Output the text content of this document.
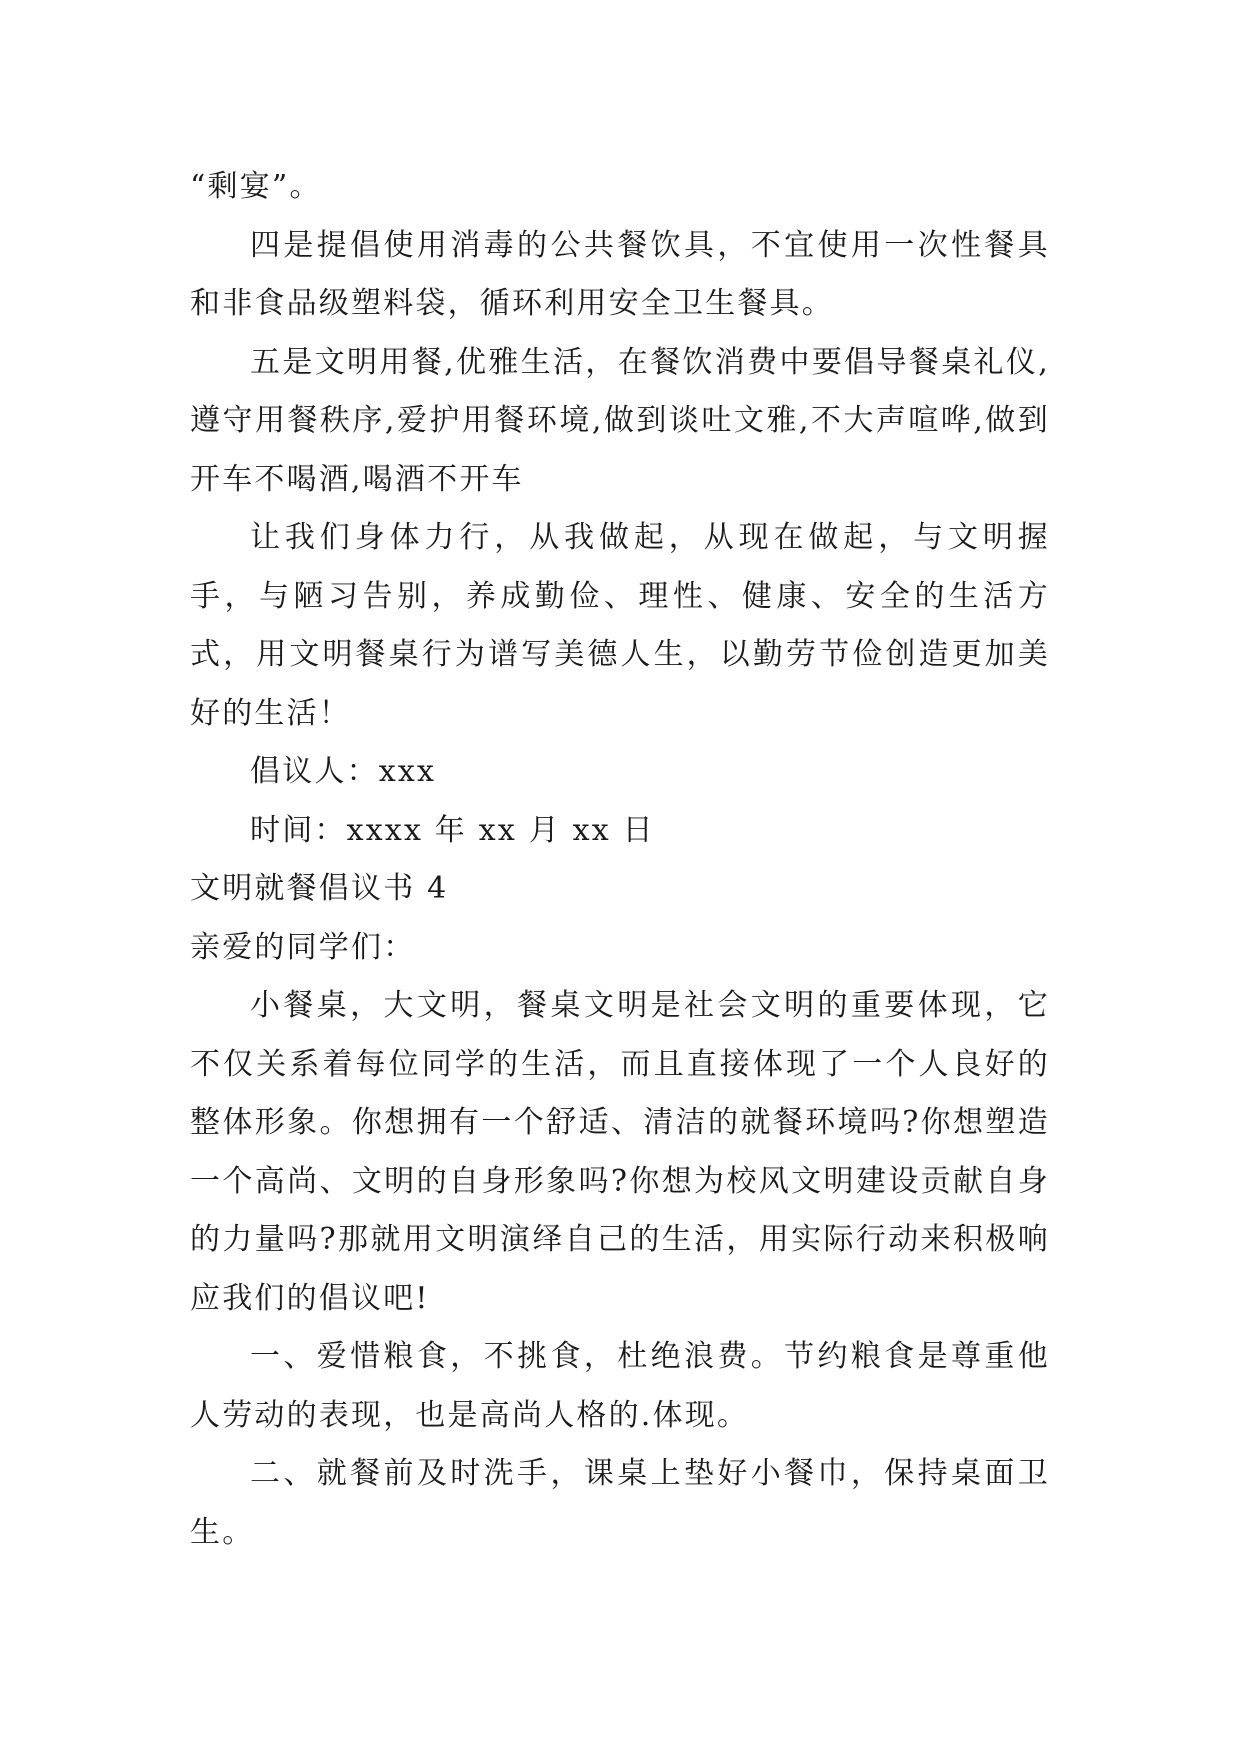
“剩宴”。

四是提倡使用消毒的公共餐饮具，不宜使用一次性餐具和非食品级塑料袋，循环利用安全卫生餐具。

五是文明用餐,优雅生活，在餐饮消费中要倡导餐桌礼仪,遵守用餐秩序,爱护用餐环境,做到谈吐文雅,不大声喧哗,做到开车不喝酒,喝酒不开车

让我们身体力行，从我做起，从现在做起，与文明握手，与陋习告别，养成勤俭、理性、健康、安全的生活方式，用文明餐桌行为谱写美德人生，以勤劳节俭创造更加美好的生活！

倡议人：xxx

时间：xxxx 年 xx 月 xx 日

文明就餐倡议书 4

亲爱的同学们：

小餐桌，大文明，餐桌文明是社会文明的重要体现，它不仅关系着每位同学的生活，而且直接体现了一个人良好的整体形象。你想拥有一个舒适、清洁的就餐环境吗?你想塑造一个高尚、文明的自身形象吗?你想为校风文明建设贡献自身的力量吗?那就用文明演绎自己的生活，用实际行动来积极响应我们的倡议吧!

一、爱惜粮食，不挑食，杜绝浪费。节约粮食是尊重他人劳动的表现，也是高尚人格的.体现。

二、就餐前及时洗手，课桌上垫好小餐巾，保持桌面卫生。
